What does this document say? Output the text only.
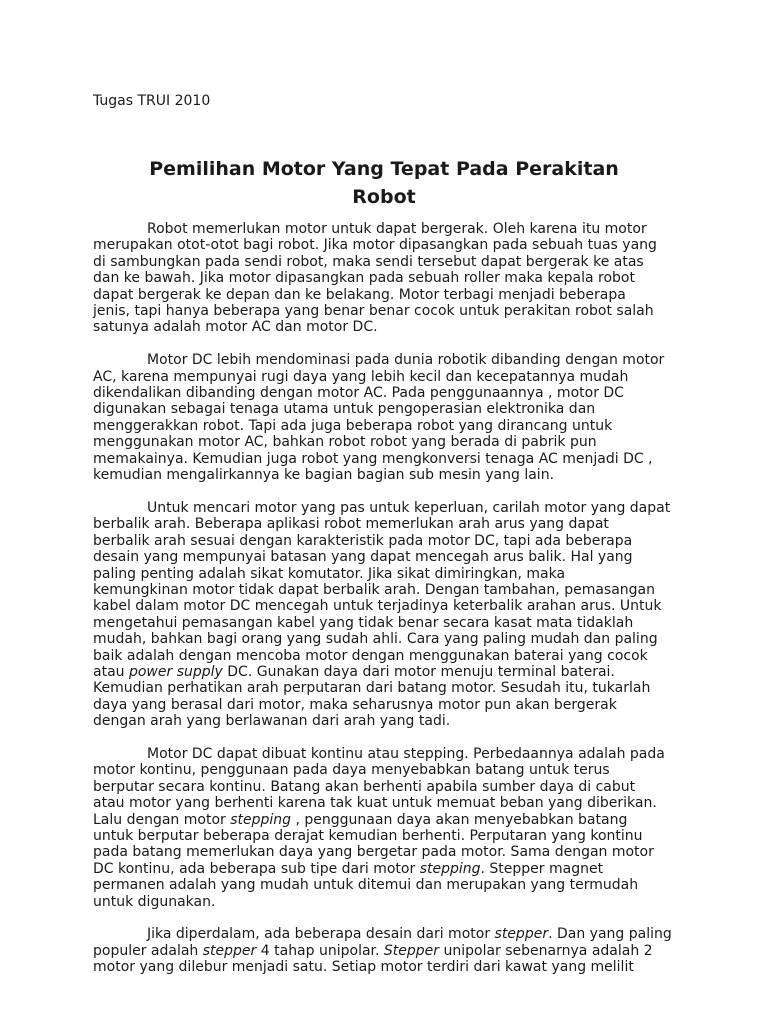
Tugas TRUI 2010
Pemilihan Motor Yang Tepat Pada Perakitan
Robot

Robot memerlukan motor untuk dapat bergerak. Oleh karena itu motor
merupakan otot-otot bagi robot. Jika motor dipasangkan pada sebuah tuas yang
di sambungkan pada sendi robot, maka sendi tersebut dapat bergerak ke atas
dan ke bawah. Jika motor dipasangkan pada sebuah roller maka kepala robot
dapat bergerak ke depan dan ke belakang. Motor terbagi menjadi beberapa
jenis, tapi hanya beberapa yang benar benar cocok untuk perakitan robot salah
satunya adalah motor AC dan motor DC.

Motor DC lebih mendominasi pada dunia robotik dibanding dengan motor
AC, karena mempunyai rugi daya yang lebih kecil dan kecepatannya mudah
dikendalikan dibanding dengan motor AC. Pada penggunaannya , motor DC
digunakan sebagai tenaga utama untuk pengoperasian elektronika dan
menggerakkan robot. Tapi ada juga beberapa robot yang dirancang untuk
menggunakan motor AC, bahkan robot robot yang berada di pabrik pun
memakainya. Kemudian juga robot yang mengkonversi tenaga AC menjadi DC ,
kemudian mengalirkannya ke bagian bagian sub mesin yang lain.

Untuk mencari motor yang pas untuk keperluan, carilah motor yang dapat
berbalik arah. Beberapa aplikasi robot memerlukan arah arus yang dapat
berbalik arah sesuai dengan karakteristik pada motor DC, tapi ada beberapa
desain yang mempunyai batasan yang dapat mencegah arus balik. Hal yang
paling penting adalah sikat komutator. Jika sikat dimiringkan, maka
kemungkinan motor tidak dapat berbalik arah. Dengan tambahan, pemasangan
kabel dalam motor DC mencegah untuk terjadinya keterbalik arahan arus. Untuk
mengetahui pemasangan kabel yang tidak benar secara kasat mata tidaklah
mudah, bahkan bagi orang yang sudah ahli. Cara yang paling mudah dan paling
baik adalah dengan mencoba motor dengan menggunakan baterai yang cocok
atau power supply DC. Gunakan daya dari motor menuju terminal baterai.
Kemudian perhatikan arah perputaran dari batang motor. Sesudah itu, tukarlah
daya yang berasal dari motor, maka seharusnya motor pun akan bergerak
dengan arah yang berlawanan dari arah yang tadi.

Motor DC dapat dibuat kontinu atau stepping. Perbedaannya adalah pada
motor kontinu, penggunaan pada daya menyebabkan batang untuk terus
berputar secara kontinu. Batang akan berhenti apabila sumber daya di cabut
atau motor yang berhenti karena tak kuat untuk memuat beban yang diberikan.
Lalu dengan motor stepping , penggunaan daya akan menyebabkan batang
untuk berputar beberapa derajat kemudian berhenti. Perputaran yang kontinu
pada batang memerlukan daya yang bergetar pada motor. Sama dengan motor
DC kontinu, ada beberapa sub tipe dari motor stepping. Stepper magnet
permanen adalah yang mudah untuk ditemui dan merupakan yang termudah
untuk digunakan.

Jika diperdalam, ada beberapa desain dari motor stepper. Dan yang paling
populer adalah stepper 4 tahap unipolar. Stepper unipolar sebenarnya adalah 2
motor yang dilebur menjadi satu. Setiap motor terdiri dari kawat yang melilit
